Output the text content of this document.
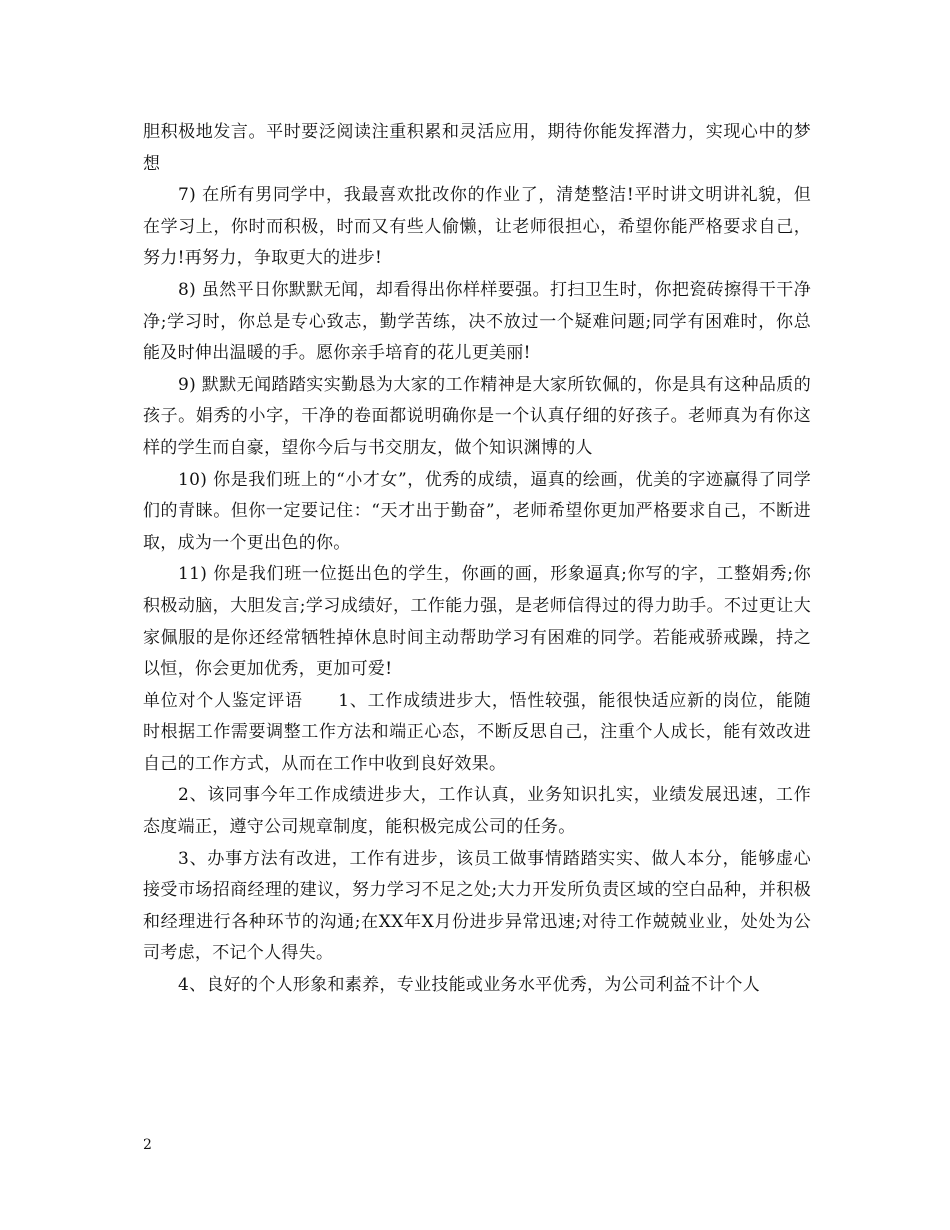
胆积极地发言。平时要泛阅读注重积累和灵活应用，期待你能发挥潜力，实现心中的梦想

7) 在所有男同学中，我最喜欢批改你的作业了，清楚整洁!平时讲文明讲礼貌，但在学习上，你时而积极，时而又有些人偷懒，让老师很担心，希望你能严格要求自己，努力!再努力，争取更大的进步!

8) 虽然平日你默默无闻，却看得出你样样要强。打扫卫生时，你把瓷砖擦得干干净净;学习时，你总是专心致志，勤学苦练，决不放过一个疑难问题;同学有困难时，你总能及时伸出温暖的手。愿你亲手培育的花儿更美丽!

9) 默默无闻踏踏实实勤恳为大家的工作精神是大家所钦佩的，你是具有这种品质的孩子。娟秀的小字，干净的卷面都说明确你是一个认真仔细的好孩子。老师真为有你这样的学生而自豪，望你今后与书交朋友，做个知识渊博的人

10) 你是我们班上的“小才女”，优秀的成绩，逼真的绘画，优美的字迹赢得了同学们的青睐。但你一定要记住：“天才出于勤奋”，老师希望你更加严格要求自己，不断进取，成为一个更出色的你。

11) 你是我们班一位挺出色的学生，你画的画，形象逼真;你写的字，工整娟秀;你积极动脑，大胆发言;学习成绩好，工作能力强，是老师信得过的得力助手。不过更让大家佩服的是你还经常牺牲掉休息时间主动帮助学习有困难的同学。若能戒骄戒躁，持之以恒，你会更加优秀，更加可爱!

单位对个人鉴定评语　　1、工作成绩进步大，悟性较强，能很快适应新的岗位，能随时根据工作需要调整工作方法和端正心态，不断反思自己，注重个人成长，能有效改进自己的工作方式，从而在工作中收到良好效果。

2、该同事今年工作成绩进步大，工作认真，业务知识扎实，业绩发展迅速，工作态度端正，遵守公司规章制度，能积极完成公司的任务。

3、办事方法有改进，工作有进步，该员工做事情踏踏实实、做人本分，能够虚心接受市场招商经理的建议，努力学习不足之处;大力开发所负责区域的空白品种，并积极和经理进行各种环节的沟通;在XX年X月份进步异常迅速;对待工作兢兢业业，处处为公司考虑，不记个人得失。

4、良好的个人形象和素养，专业技能或业务水平优秀，为公司利益不计个人

2
